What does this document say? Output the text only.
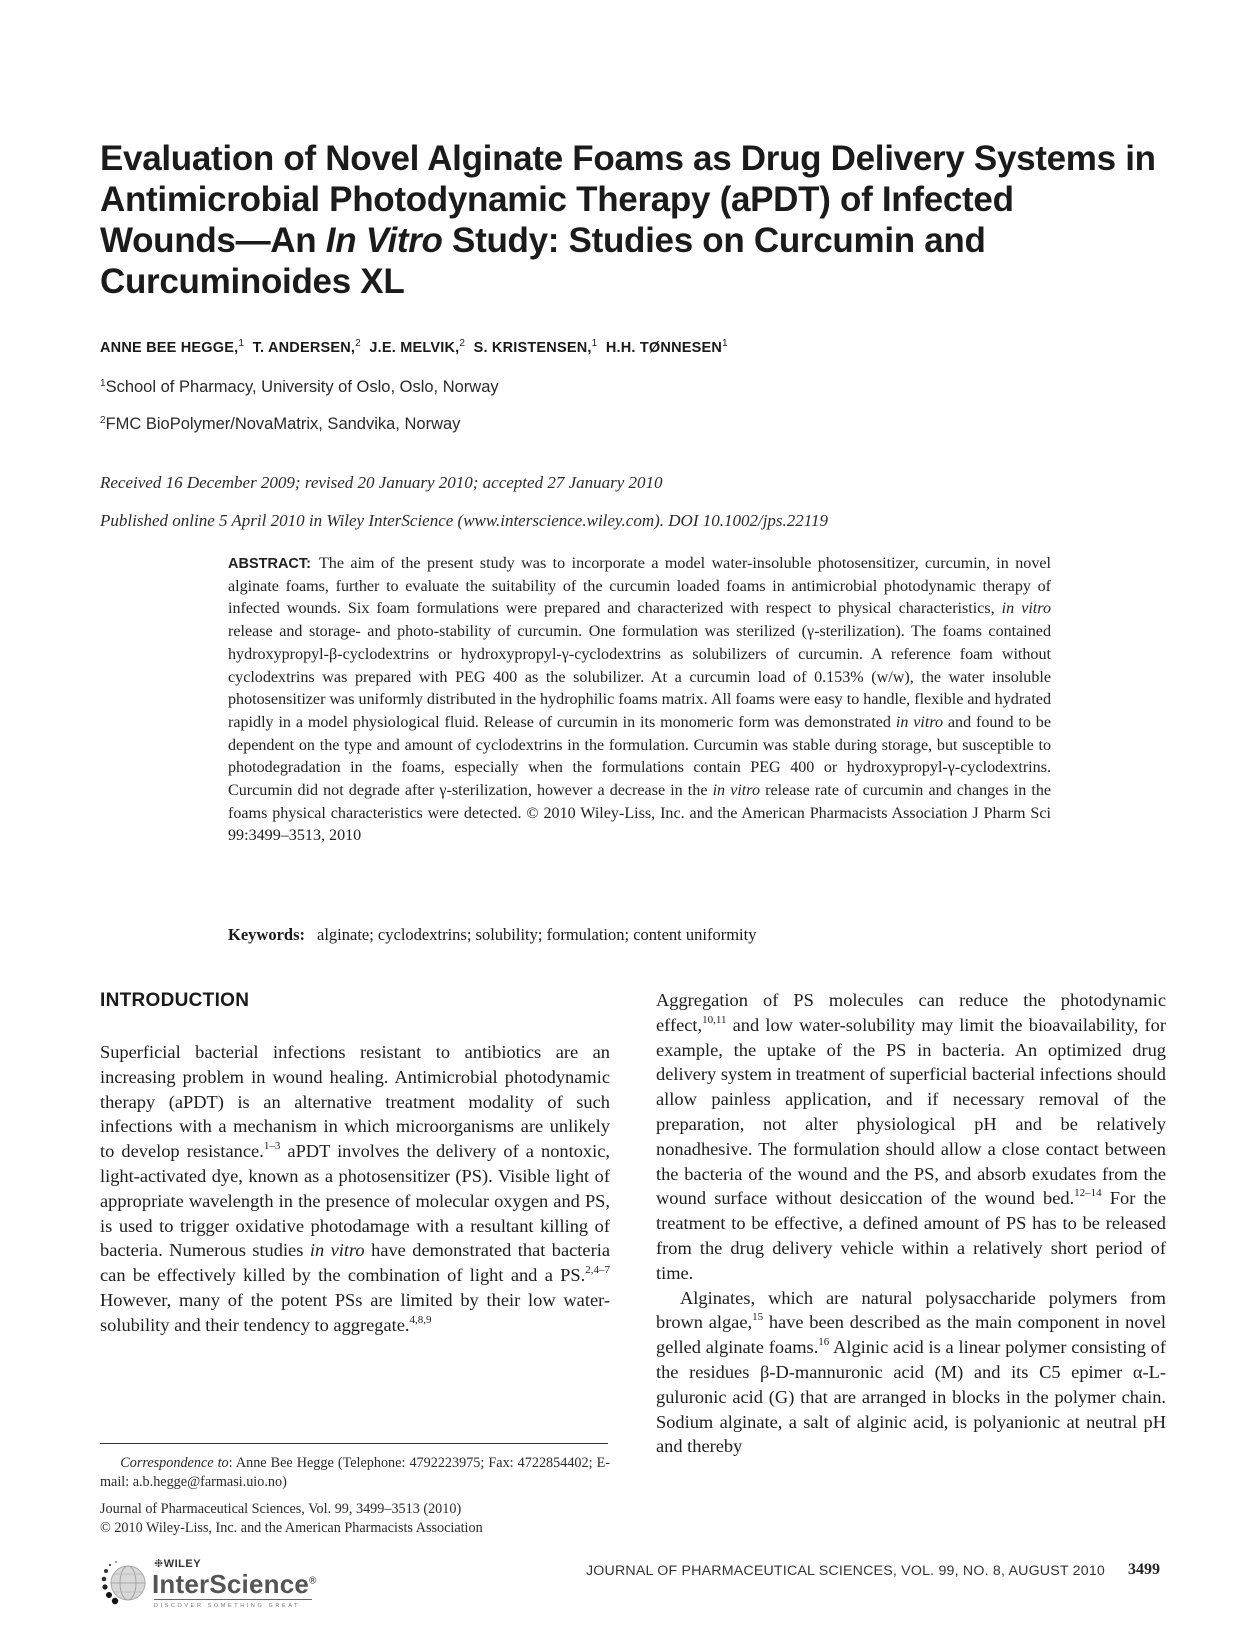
Evaluation of Novel Alginate Foams as Drug Delivery Systems in
Antimicrobial Photodynamic Therapy (aPDT) of Infected
Wounds—An In Vitro Study: Studies on Curcumin and
Curcuminoides XL
ANNE BEE HEGGE,$^1$ T. ANDERSEN,$^2$ J.E. MELVIK,$^2$ S. KRISTENSEN,$^1$ H.H. TØNNESEN$^1$
$^1$School of Pharmacy, University of Oslo, Oslo, Norway
$^2$FMC BioPolymer/NovaMatrix, Sandvika, Norway
Received 16 December 2009; revised 20 January 2010; accepted 27 January 2010
Published online 5 April 2010 in Wiley InterScience (www.interscience.wiley.com). DOI 10.1002/jps.22119
ABSTRACT: The aim of the present study was to incorporate a model water-insoluble photosensitizer, curcumin, in novel alginate foams, further to evaluate the suitability of the curcumin loaded foams in antimicrobial photodynamic therapy of infected wounds. Six foam formulations were prepared and characterized with respect to physical characteristics, in vitro release and storage- and photo-stability of curcumin. One formulation was sterilized (γ-sterilization). The foams contained hydroxypropyl-β-cyclodextrins or hydroxypropyl-γ-cyclodextrins as solubilizers of curcumin. A reference foam without cyclodextrins was prepared with PEG 400 as the solubilizer. At a curcumin load of 0.153% (w/w), the water insoluble photosensitizer was uniformly distributed in the hydrophilic foams matrix. All foams were easy to handle, flexible and hydrated rapidly in a model physiological fluid. Release of curcumin in its monomeric form was demonstrated in vitro and found to be dependent on the type and amount of cyclodextrins in the formulation. Curcumin was stable during storage, but susceptible to photodegradation in the foams, especially when the formulations contain PEG 400 or hydroxypropyl-γ-cyclodextrins. Curcumin did not degrade after γ-sterilization, however a decrease in the in vitro release rate of curcumin and changes in the foams physical characteristics were detected. © 2010 Wiley-Liss, Inc. and the American Pharmacists Association J Pharm Sci 99:3499–3513, 2010
Keywords: alginate; cyclodextrins; solubility; formulation; content uniformity
INTRODUCTION

Superficial bacterial infections resistant to antibiotics are an increasing problem in wound healing. Antimicrobial photodynamic therapy (aPDT) is an alternative treatment modality of such infections with a mechanism in which microorganisms are unlikely to develop resistance.$^{1-3}$ aPDT involves the delivery of a nontoxic, light-activated dye, known as a photosensitizer (PS). Visible light of appropriate wavelength in the presence of molecular oxygen and PS, is used to trigger oxidative photodamage with a resultant killing of bacteria. Numerous studies in vitro have demonstrated that bacteria can be effectively killed by the combination of light and a PS.$^{2,4-7}$ However, many of the potent PSs are limited by their low water-solubility and their tendency to aggregate.$^{4,8,9}$

Aggregation of PS molecules can reduce the photodynamic effect,$^{10,11}$ and low water-solubility may limit the bioavailability, for example, the uptake of the PS in bacteria. An optimized drug delivery system in treatment of superficial bacterial infections should allow painless application, and if necessary removal of the preparation, not alter physiological pH and be relatively nonadhesive. The formulation should allow a close contact between the bacteria of the wound and the PS, and absorb exudates from the wound surface without desiccation of the wound bed.$^{12-14}$ For the treatment to be effective, a defined amount of PS has to be released from the drug delivery vehicle within a relatively short period of time.

Alginates, which are natural polysaccharide polymers from brown algae,$^{15}$ have been described as the main component in novel gelled alginate foams.$^{16}$ Alginic acid is a linear polymer consisting of the residues β-D-mannuronic acid (M) and its C5 epimer α-L-guluronic acid (G) that are arranged in blocks in the polymer chain. Sodium alginate, a salt of alginic acid, is polyanionic at neutral pH and thereby

Correspondence to: Anne Bee Hegge (Telephone: 4792223975; Fax: 4722854402; E-mail: a.b.hegge@farmasi.uio.no)
Journal of Pharmaceutical Sciences, Vol. 99, 3499–3513 (2010)
© 2010 Wiley-Liss, Inc. and the American Pharmacists Association
❉WILEY
InterScience®
DISCOVER SOMETHING GREAT
JOURNAL OF PHARMACEUTICAL SCIENCES, VOL. 99, NO. 8, AUGUST 2010 3499
